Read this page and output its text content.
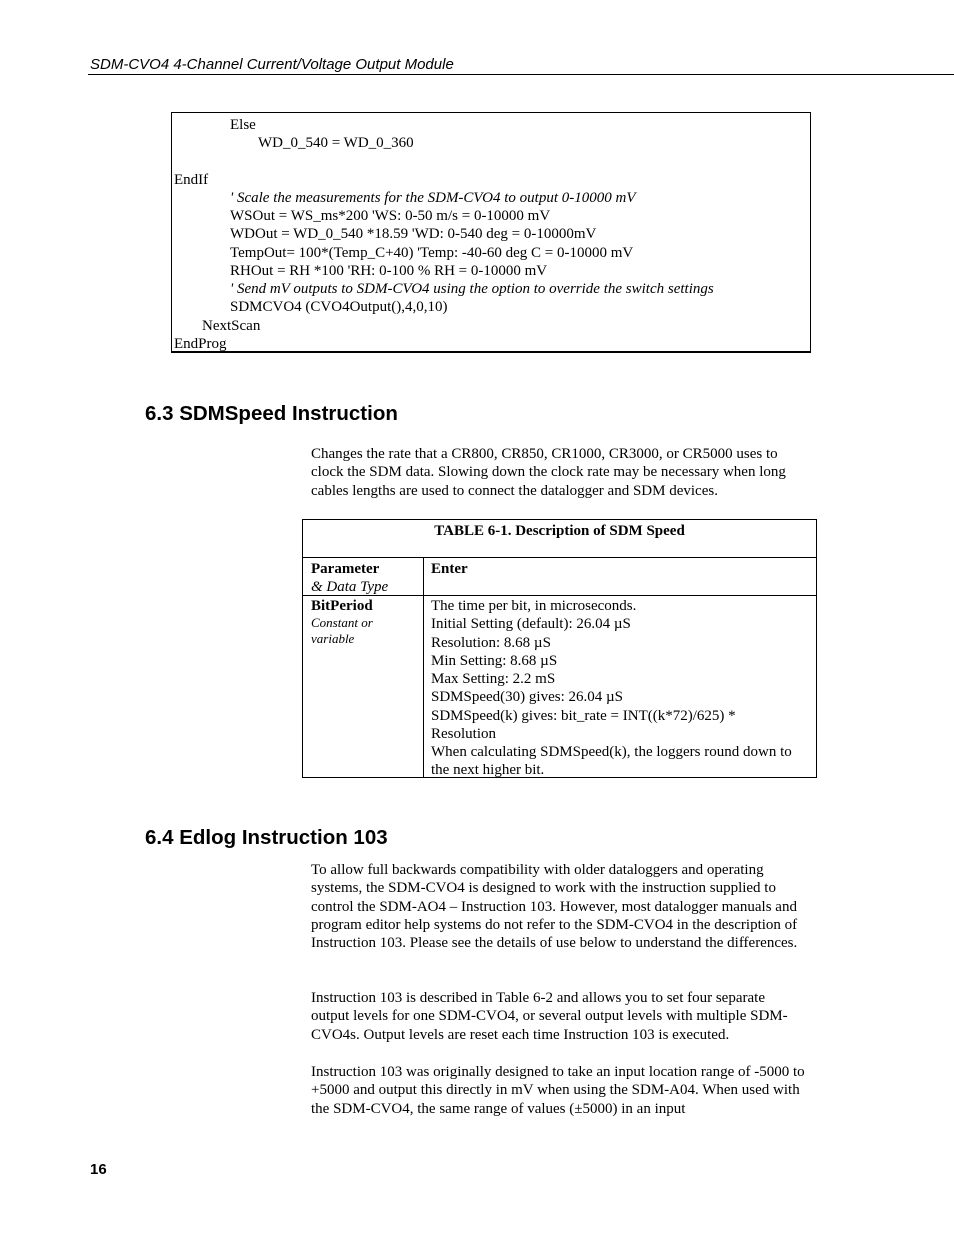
SDM-CVO4 4-Channel Current/Voltage Output Module
Else
WD_0_540 = WD_0_360
EndIf
' Scale the measurements for the SDM-CVO4 to output 0-10000 mV
WSOut = WS_ms*200 'WS: 0-50 m/s = 0-10000 mV
WDOut = WD_0_540 *18.59 'WD: 0-540 deg = 0-10000mV
TempOut= 100*(Temp_C+40) 'Temp: -40-60 deg C = 0-10000 mV
RHOut = RH *100 'RH: 0-100 % RH = 0-10000 mV
' Send mV outputs to SDM-CVO4 using the option to override the switch settings
SDMCVO4 (CVO4Output(),4,0,10)
NextScan
EndProg
6.3 SDMSpeed Instruction

Changes the rate that a CR800, CR850, CR1000, CR3000, or CR5000 uses to clock the SDM data. Slowing down the clock rate may be necessary when long cables lengths are used to connect the datalogger and SDM devices.

TABLE 6-1. Description of SDM Speed
Parameter
& Data Type
Enter
BitPeriod
Constant or
variable
The time per bit, in microseconds.
Initial Setting (default): 26.04 µS
Resolution: 8.68 µS
Min Setting: 8.68 µS
Max Setting: 2.2 mS
SDMSpeed(30) gives: 26.04 µS
SDMSpeed(k) gives: bit_rate = INT((k*72)/625) *
Resolution
When calculating SDMSpeed(k), the loggers round down to
the next higher bit.
6.4 Edlog Instruction 103

To allow full backwards compatibility with older dataloggers and operating systems, the SDM-CVO4 is designed to work with the instruction supplied to control the SDM-AO4 – Instruction 103. However, most datalogger manuals and program editor help systems do not refer to the SDM-CVO4 in the description of Instruction 103. Please see the details of use below to understand the differences.

Instruction 103 is described in Table 6-2 and allows you to set four separate output levels for one SDM-CVO4, or several output levels with multiple SDM-CVO4s. Output levels are reset each time Instruction 103 is executed.

Instruction 103 was originally designed to take an input location range of -5000 to +5000 and output this directly in mV when using the SDM-A04. When used with the SDM-CVO4, the same range of values (±5000) in an input

16
